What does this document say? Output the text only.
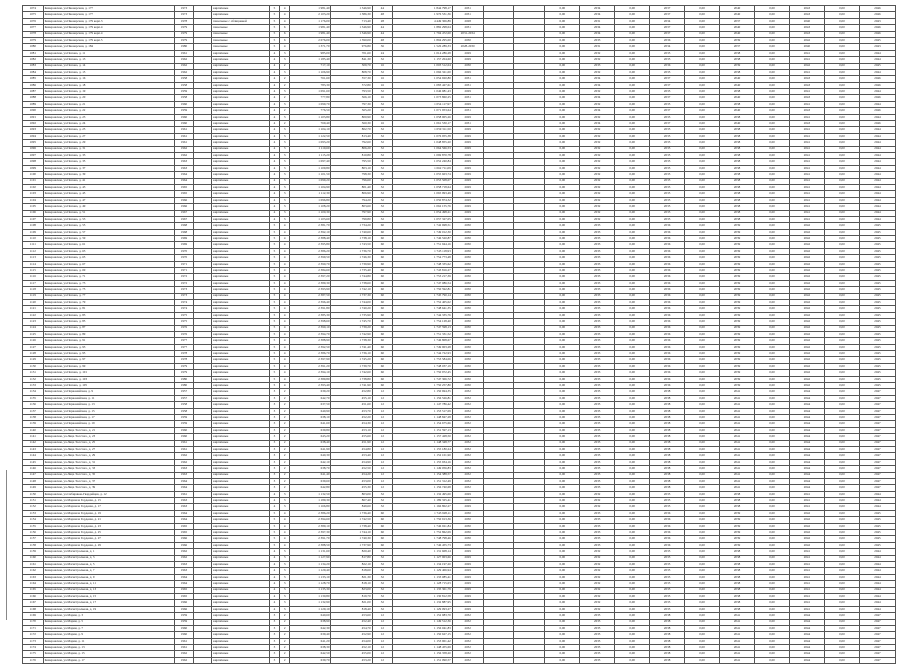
1074	Кемеровская, ул.Пионерская, д. 177	1973		кирпичные	5	4	1 981,40	1 346,90	44	1 844 798,17	2031			0,00	2034	0,00	2037	0,00	2040	0,00	2043	0,00	2046
1075	Кемеровская, ул.Пионерская, д. 177	1973		кирпичные	5	4	2 103,20	1 386,30	48	1 976 531,36	2031			0,00	2034	0,00	2037	0,00	2040	0,00	2043	0,00	2046
1076	Кемеровская, ул.Пионерская, д. 179 корп.3	1978		панельные с облицовкой	5	4	1 176,00	713,40	28	4 449 306,89	2028			0,00	2031	0,00	2034	0,00	2037	0,00	2040	0,00	2043
1077	Кемеровская, ул.Пионерская, д. 179 корп.4	1979		панельные	5	6	1 981,40	1 346,90	44	1 882 298,04	2031			0,00	2034	0,00	2037	0,00	2040	0,00	2043	0,00	2046
1078	Кемеровская, ул.Пионерская, д. 179 корп.4	1979		панельные	5	6	1 981,40	1 346,90	44	1 794 472,00	2031-2034			0,00	2034	0,00	2037	0,00	2040	0,00	2043	0,00	2046
1079	Кемеровская, ул.Пионерская, д. 179 корп.5	1979		панельные	5	6	2 076,00	1 390,00	48	1 894 295,00	2030			0,00	2033	0,00	2036	0,00	2039	0,00	2042	0,00	2045
1080	Кемеровская, ул.Пионерская, д. 184	1980		панельные	5	4	1 371,70	976,80	36	1 526 289,33	2028-2030			0,00	2031	0,00	2034	0,00	2037	0,00	2040	0,00	2043
1081	Кемеровская, ул.Попова, д. 11	1961		кирпичные	4	3	985,00	701,60	24	1 014 286,28	2029			0,00	2032	0,00	2035	0,00	2038	0,00	2041	0,00	2044
1082	Кемеровская, ул.Попова, д. 13	1962		кирпичные	4	3	1 185,40	841,30	32	1 157 204,60	2029			0,00	2032	0,00	2035	0,00	2038	0,00	2041	0,00	2044
1083	Кемеровская, ул.Попова, д. 14	1962		кирпичные	4	2	717,10	509,70	16	1 003 512,04	2030			0,00	2033	0,00	2036	0,00	2039	0,00	2042	0,00	2045
1084	Кемеровская, ул.Попова, д. 15	1962		кирпичные	4	3	1 106,90	808,70	32	1 066 321,00	2029			0,00	2032	0,00	2035	0,00	2038	0,00	2041	0,00	2044
1085	Кемеровская, ул.Попова, д. 16	1958		кирпичные	4	2	761,60	557,30	16	1 054 920,80	2031			0,00	2034	0,00	2037	0,00	2040	0,00	2043	0,00	2046
1086	Кемеровская, ул.Попова, д. 18	1958		кирпичные	4	2	783,30	572,80	16	1 083 427,61	2031			0,00	2034	0,00	2037	0,00	2040	0,00	2043	0,00	2046
1087	Кемеровская, ул.Попова, д. 19	1959		кирпичные	4	3	1 091,60	793,50	32	1 046 981,43	2029			0,00	2032	0,00	2035	0,00	2038	0,00	2041	0,00	2044
1088	Кемеровская, ул.Попова, д. 20	1958		кирпичные	4	2	777,80	566,10	16	1 073 860,25	2031			0,00	2034	0,00	2037	0,00	2040	0,00	2043	0,00	2046
1089	Кемеровская, ул.Попова, д. 21	1960		кирпичные	4	3	1 099,70	797,30	32	1 054 117,97	2029			0,00	2032	0,00	2035	0,00	2038	0,00	2041	0,00	2044
1090	Кемеровская, ул.Попова, д. 22	1959		кирпичные	4	2	776,50	565,20	16	1 071 953,64	2031			0,00	2034	0,00	2037	0,00	2040	0,00	2043	0,00	2046
1091	Кемеровская, ул.Попова, д. 23	1960		кирпичные	4	3	1 103,80	800,90	32	1 058 905,26	2029			0,00	2032	0,00	2035	0,00	2038	0,00	2041	0,00	2044
1092	Кемеровская, ул.Попова, д. 24	1960		кирпичные	4	2	769,40	560,30	16	1 061 530,17	2031			0,00	2034	0,00	2037	0,00	2040	0,00	2043	0,00	2046
1093	Кемеровская, ул.Попова, д. 25	1961		кирпичные	4	3	1 104,10	802,70	32	1 059 311,50	2029			0,00	2032	0,00	2035	0,00	2038	0,00	2041	0,00	2044
1094	Кемеровская, ул.Попова, д. 27	1961		кирпичные	4	3	1 122,50	813,40	32	1 076 955,38	2029			0,00	2032	0,00	2035	0,00	2038	0,00	2041	0,00	2044
1095	Кемеровская, ул.Попова, д. 29	1961		кирпичные	4	3	1 093,20	792,60	32	1 048 855,20	2029			0,00	2032	0,00	2035	0,00	2038	0,00	2041	0,00	2044
1096	Кемеровская, ул.Попова, д. 31	1962		кирпичные	4	3	1 110,60	806,20	32	1 064 566,53	2029			0,00	2032	0,00	2035	0,00	2038	0,00	2041	0,00	2044
1097	Кемеровская, ул.Попова, д. 33	1962		кирпичные	4	3	1 115,20	810,80	32	1 069 870,78	2029			0,00	2032	0,00	2035	0,00	2038	0,00	2041	0,00	2044
1098	Кемеровская, ул.Попова, д. 35	1963		кирпичные	4	3	1 097,40	795,50	32	1 052 240,84	2029			0,00	2032	0,00	2035	0,00	2038	0,00	2041	0,00	2044
1099	Кемеровская, ул.Попова, д. 37	1963		кирпичные	4	3	1 109,80	803,10	32	1 062 711,09	2029			0,00	2032	0,00	2035	0,00	2038	0,00	2041	0,00	2044
1100	Кемеровская, ул.Попова, д. 39	1964		кирпичные	4	3	1 101,50	798,30	32	1 055 603,74	2029			0,00	2032	0,00	2035	0,00	2038	0,00	2041	0,00	2044
1101	Кемеровская, ул.Попова, д. 41	1964		кирпичные	4	3	1 099,20	796,60	32	1 053 508,07	2029			0,00	2032	0,00	2035	0,00	2038	0,00	2041	0,00	2044
1102	Кемеровская, ул.Попова, д. 43	1965		кирпичные	4	3	1 104,90	801,40	32	1 058 718,64	2029			0,00	2032	0,00	2035	0,00	2038	0,00	2041	0,00	2044
1103	Кемеровская, ул.Попова, д. 45	1965		кирпичные	4	3	1 112,30	806,90	32	1 065 993,49	2029			0,00	2032	0,00	2035	0,00	2038	0,00	2041	0,00	2044
1104	Кемеровская, ул.Попова, д. 47	1966		кирпичные	4	3	1 096,80	794,20	32	1 050 874,32	2029			0,00	2032	0,00	2035	0,00	2038	0,00	2041	0,00	2044
1105	Кемеровская, ул.Попова, д. 49	1966		кирпичные	4	3	1 108,20	803,60	32	1 062 155,76	2029			0,00	2032	0,00	2035	0,00	2038	0,00	2041	0,00	2044
1106	Кемеровская, ул.Попова, д. 51	1967		кирпичные	4	3	1 100,30	797,90	32	1 054 498,21	2029			0,00	2032	0,00	2035	0,00	2038	0,00	2041	0,00	2044
1107	Кемеровская, ул.Попова, д. 53	1967		кирпичные	4	3	1 103,60	799,80	32	1 057 327,05	2029			0,00	2032	0,00	2035	0,00	2038	0,00	2041	0,00	2044
1108	Кемеровская, ул.Попова, д. 55	1968		кирпичные	5	4	2 381,70	1 734,20	60	1 742 698,51	2030			0,00	2033	0,00	2036	0,00	2039	0,00	2042	0,00	2045
1109	Кемеровская, ул.Попова, д. 57	1968		кирпичные	5	4	2 392,10	1 740,60	60	1 749 012,30	2030			0,00	2033	0,00	2036	0,00	2039	0,00	2042	0,00	2045
1110	Кемеровская, ул.Попова, д. 59	1969		кирпичные	5	4	2 388,40	1 738,10	60	1 746 520,87	2030			0,00	2033	0,00	2036	0,00	2039	0,00	2042	0,00	2045
1111	Кемеровская, ул.Попова, д. 61	1969		кирпичные	5	4	2 395,80	1 743,50	60	1 751 944,16	2030			0,00	2033	0,00	2036	0,00	2039	0,00	2042	0,00	2045
1112	Кемеровская, ул.Попова, д. 63	1970		кирпичные	5	4	2 386,20	1 736,70	60	1 745 118,93	2030			0,00	2033	0,00	2036	0,00	2039	0,00	2042	0,00	2045
1113	Кемеровская, ул.Попова, д. 65	1970		кирпичные	5	4	2 399,50	1 746,30	60	1 754 773,48	2030			0,00	2033	0,00	2036	0,00	2039	0,00	2042	0,00	2045
1114	Кемеровская, ул.Попова, д. 67	1971		кирпичные	5	4	2 390,70	1 739,90	60	1 748 335,62	2030			0,00	2033	0,00	2036	0,00	2039	0,00	2042	0,00	2045
1115	Кемеровская, ул.Попова, д. 69	1971		кирпичные	5	4	2 384,60	1 735,40	60	1 743 816,27	2030			0,00	2033	0,00	2036	0,00	2039	0,00	2042	0,00	2045
1116	Кемеровская, ул.Попова, д. 71	1972		кирпичные	5	4	2 397,20	1 744,80	60	1 753 217,39	2030			0,00	2033	0,00	2036	0,00	2039	0,00	2042	0,00	2045
1117	Кемеровская, ул.Попова, д. 73	1972		кирпичные	5	4	2 389,30	1 738,60	60	1 747 086,54	2030			0,00	2033	0,00	2036	0,00	2039	0,00	2042	0,00	2045
1118	Кемеровская, ул.Попова, д. 75	1973		кирпичные	5	4	2 393,90	1 742,10	60	1 750 592,81	2030			0,00	2033	0,00	2036	0,00	2039	0,00	2042	0,00	2045
1119	Кемеровская, ул.Попова, д. 77	1973		кирпичные	5	4	2 387,50	1 737,30	60	1 745 790,14	2030			0,00	2033	0,00	2036	0,00	2039	0,00	2042	0,00	2045
1120	Кемеровская, ул.Попова, д. 79	1974		кирпичные	5	4	2 396,40	1 744,00	60	1 752 405,02	2030			0,00	2033	0,00	2036	0,00	2039	0,00	2042	0,00	2045
1121	Кемеровская, ул.Попова, д. 81	1974		кирпичные	5	4	2 391,80	1 740,20	60	1 748 641,35	2030			0,00	2033	0,00	2036	0,00	2039	0,00	2042	0,00	2045
1122	Кемеровская, ул.Попова, д. 83	1975		кирпичные	5	4	2 385,30	1 735,90	60	1 744 335,76	2030			0,00	2033	0,00	2036	0,00	2039	0,00	2042	0,00	2045
1123	Кемеровская, ул.Попова, д. 85	1975		кирпичные	5	4	2 398,60	1 745,70	60	1 754 128,40	2030			0,00	2033	0,00	2036	0,00	2039	0,00	2042	0,00	2045
1124	Кемеровская, ул.Попова, д. 87	1976		кирпичные	5	4	2 390,10	1 739,20	60	1 747 598,13	2030			0,00	2033	0,00	2036	0,00	2039	0,00	2042	0,00	2045
1125	Кемеровская, ул.Попова, д. 89	1976		кирпичные	5	4	2 394,70	1 742,90	60	1 751 331,52	2030			0,00	2033	0,00	2036	0,00	2039	0,00	2042	0,00	2045
1126	Кемеровская, ул.Попова, д. 91	1977		кирпичные	5	4	2 388,90	1 738,30	60	1 746 808,67	2030			0,00	2033	0,00	2036	0,00	2039	0,00	2042	0,00	2045
1127	Кемеровская, ул.Попова, д. 93	1977		кирпичные	5	4	2 392,50	1 741,40	60	1 749 903,28	2030			0,00	2033	0,00	2036	0,00	2039	0,00	2042	0,00	2045
1128	Кемеровская, ул.Попова, д. 95	1978		кирпичные	5	4	2 386,70	1 736,10	60	1 744 722,93	2030			0,00	2033	0,00	2036	0,00	2039	0,00	2042	0,00	2045
1129	Кемеровская, ул.Попова, д. 97	1978		кирпичные	5	4	2 397,90	1 745,20	60	1 753 584,06	2030			0,00	2033	0,00	2036	0,00	2039	0,00	2042	0,00	2045
1130	Кемеровская, ул.Попова, д. 99	1979		кирпичные	5	4	2 391,20	1 739,70	60	1 748 037,19	2030			0,00	2033	0,00	2036	0,00	2039	0,00	2042	0,00	2045
1131	Кемеровская, ул.Попова, д. 101	1979		кирпичные	5	4	2 394,10	1 742,60	60	1 750 972,45	2030			0,00	2033	0,00	2036	0,00	2039	0,00	2042	0,00	2045
1132	Кемеровская, ул.Попова, д. 103	1980		кирпичные	5	4	2 389,80	1 738,80	60	1 747 306,72	2030			0,00	2033	0,00	2036	0,00	2039	0,00	2042	0,00	2045
1133	Кемеровская, ул.Попова, д. 105	1980		кирпичные	5	4	2 393,40	1 741,90	60	1 750 257,80	2030			0,00	2033	0,00	2036	0,00	2039	0,00	2042	0,00	2045
1134	Кемеровская, ул.Первомайская, д. 9	1957		кирпичные	3	2	639,20	452,80	12	1 150 694,35	2032			0,00	2035	0,00	2038	0,00	2041	0,00	2044	0,00	2047
1135	Кемеровская, ул.Первомайская, д. 11	1957		кирпичные	3	2	642,70	455,10	12	1 156 526,81	2032			0,00	2035	0,00	2038	0,00	2041	0,00	2044	0,00	2047
1136	Кемеровская, ул.Первомайская, д. 13	1958		кирпичные	3	2	637,50	451,60	12	1 147 786,42	2032			0,00	2035	0,00	2038	0,00	2041	0,00	2044	0,00	2047
1137	Кемеровская, ул.Первомайская, д. 15	1958		кирпичные	3	2	640,90	453,70	12	1 153 517,09	2032			0,00	2035	0,00	2038	0,00	2041	0,00	2044	0,00	2047
1138	Кемеровская, ул.Первомайская, д. 17	1959		кирпичные	3	2	638,10	452,20	12	1 148 847,28	2032			0,00	2035	0,00	2038	0,00	2041	0,00	2044	0,00	2047
1139	Кемеровская, ул.Первомайская, д. 19	1959		кирпичные	3	2	641,60	454,30	12	1 154 675,66	2032			0,00	2035	0,00	2038	0,00	2041	0,00	2044	0,00	2047
1140	Кемеровская, ул.Лица Толстого, д. 21	1960		кирпичные	3	2	639,80	453,10	12	1 151 597,13	2032			0,00	2035	0,00	2038	0,00	2041	0,00	2044	0,00	2047
1141	Кемеровская, ул.Лица Толстого, д. 23	1960		кирпичные	3	2	643,20	455,60	12	1 157 428,50	2032			0,00	2035	0,00	2038	0,00	2041	0,00	2044	0,00	2047
1142	Кемеровская, ул.Лица Толстого, д. 25	1961		кирпичные	3	2	638,40	451,90	12	1 148 348,77	2032			0,00	2035	0,00	2038	0,00	2041	0,00	2044	0,00	2047
1143	Кемеровская, ул.Лица Толстого, д. 27	1961		кирпичные	3	2	641,90	454,80	12	1 155 180,24	2032			0,00	2035	0,00	2038	0,00	2041	0,00	2044	0,00	2047
1144	Кемеровская, ул.Лица Толстого, д. 29	1962		кирпичные	3	2	640,30	453,40	12	1 152 101,90	2032			0,00	2035	0,00	2038	0,00	2041	0,00	2044	0,00	2047
1145	Кемеровская, ул.Лица Толстого, д. 31	1962		кирпичные	3	2	642,10	454,90	12	1 155 934,16	2032			0,00	2035	0,00	2038	0,00	2041	0,00	2044	0,00	2047
1146	Кемеровская, ул.Лица Толстого, д. 33	1963		кирпичные	3	2	638,70	452,50	12	1 149 056,83	2032			0,00	2035	0,00	2038	0,00	2041	0,00	2044	0,00	2047
1147	Кемеровская, ул.Лица Толстого, д. 35	1963		кирпичные	3	2	641,40	454,20	12	1 154 388,57	2032			0,00	2035	0,00	2038	0,00	2041	0,00	2044	0,00	2047
1148	Кемеровская, ул.Лица Толстого, д. 37	1964		кирпичные	3	2	639,60	453,00	12	1 151 312,49	2032			0,00	2035	0,00	2038	0,00	2041	0,00	2044	0,00	2047
1149	Кемеровская, ул.Лица Толстого, д. 39	1964		кирпичные	3	2	642,80	455,30	12	1 156 740,68	2032			0,00	2035	0,00	2038	0,00	2041	0,00	2044	0,00	2047
1150	Кемеровская, ул.Сибиряков-Гвардейцев, д. 12	1961		кирпичные	4	3	1 132,50	803,00	32	1 132 495,00	2029			0,00	2032	0,00	2035	0,00	2038	0,00	2041	0,00	2044
1151	Кемеровская, ул.Маршала Гордеева, д. 15	1963		кирпичные	4	3	1 189,30	867,40	32	1 189 325,41	2029			0,00	2032	0,00	2035	0,00	2038	0,00	2041	0,00	2044
1152	Кемеровская, ул.Маршала Гордеева, д. 17	1963		кирпичные	4	3	1 166,80	849,60	32	1 166 802,27	2029			0,00	2032	0,00	2035	0,00	2038	0,00	2041	0,00	2044
1153	Кемеровская, ул.Маршала Гордеева, д. 19	1964		кирпичные	5	4	2 386,20	1 736,40	60	1 743 928,11	2030			0,00	2033	0,00	2036	0,00	2039	0,00	2042	0,00	2045
1154	Кемеровская, ул.Маршала Гордеева, д. 21	1964		кирпичные	5	4	2 394,60	1 742,50	60	1 750 913,36	2030			0,00	2033	0,00	2036	0,00	2039	0,00	2042	0,00	2045
1155	Кемеровская, ул.Маршала Гордеева, д. 23	1965		кирпичные	5	4	2 389,10	1 738,40	60	1 746 921,84	2030			0,00	2033	0,00	2036	0,00	2039	0,00	2042	0,00	2045
1156	Кемеровская, ул.Маршала Гордеева, д. 25	1965		кирпичные	5	4	2 397,30	1 744,10	60	1 752 862,09	2030			0,00	2033	0,00	2036	0,00	2039	0,00	2042	0,00	2045
1157	Кемеровская, ул.Маршала Гордеева, д. 27	1966		кирпичные	5	4	2 391,70	1 740,30	60	1 748 798,46	2030			0,00	2033	0,00	2036	0,00	2039	0,00	2042	0,00	2045
1158	Кемеровская, ул.Маршала Гордеева, д. 29	1966		кирпичные	5	4	2 388,50	1 737,90	60	1 746 455,73	2030			0,00	2033	0,00	2036	0,00	2039	0,00	2042	0,00	2045
1159	Кемеровская, ул.Магистральная, д. 1	1962		кирпичные	4	3	1 131,60	820,40	32	1 131 608,14	2029			0,00	2032	0,00	2035	0,00	2038	0,00	2041	0,00	2044
1160	Кемеровская, ул.Магистральная, д. 3	1962		кирпичные	4	3	1 127,90	817,80	32	1 127 903,66	2029			0,00	2032	0,00	2035	0,00	2038	0,00	2041	0,00	2044
1161	Кемеровская, ул.Магистральная, д. 5	1963		кирпичные	4	3	1 134,20	822,10	32	1 134 197,20	2029			0,00	2032	0,00	2035	0,00	2038	0,00	2041	0,00	2044
1162	Кемеровская, ул.Магистральная, д. 7	1963		кирпичные	4	3	1 129,40	818,60	32	1 129 406,94	2029			0,00	2032	0,00	2035	0,00	2038	0,00	2041	0,00	2044
1163	Кемеровская, ул.Магистральная, д. 9	1964		кирпичные	4	3	1 133,10	821,30	32	1 133 085,41	2029			0,00	2032	0,00	2035	0,00	2038	0,00	2041	0,00	2044
1164	Кемеровская, ул.Магистральная, д. 11	1964		кирпичные	4	3	1 128,70	818,10	32	1 128 715,03	2029			0,00	2032	0,00	2035	0,00	2038	0,00	2041	0,00	2044
1165	Кемеровская, ул.Магистральная, д. 13	1965		кирпичные	4	3	1 135,30	823,00	32	1 135 301,79	2029			0,00	2032	0,00	2035	0,00	2038	0,00	2041	0,00	2044
1166	Кемеровская, ул.Магистральная, д. 15	1965		кирпичные	4	3	1 130,80	819,70	32	1 130 812,58	2029			0,00	2032	0,00	2035	0,00	2038	0,00	2041	0,00	2044
1167	Кемеровская, ул.Магистральная, д. 17	1966		кирпичные	4	3	1 132,90	821,00	32	1 132 887,95	2029			0,00	2032	0,00	2035	0,00	2038	0,00	2041	0,00	2044
1168	Кемеровская, ул.Магистральная, д. 19	1966		кирпичные	4	3	1 129,10	818,40	32	1 129 093,27	2029			0,00	2032	0,00	2035	0,00	2038	0,00	2041	0,00	2044
1169	Кемеровская, ул.Марии, д. 3	1959		кирпичные	3	2	640,60	453,60	12	1 152 983,70	2032			0,00	2035	0,00	2038	0,00	2041	0,00	2044	0,00	2047
1170	Кемеровская, ул.Марии, д. 5	1959		кирпичные	3	2	638,90	452,40	12	1 149 512,36	2032			0,00	2035	0,00	2038	0,00	2041	0,00	2044	0,00	2047
1171	Кемеровская, ул.Марии, д. 7	1960		кирпичные	3	2	642,30	454,70	12	1 156 041,83	2032			0,00	2035	0,00	2038	0,00	2041	0,00	2044	0,00	2047
1172	Кемеровская, ул.Марии, д. 9	1960		кирпичные	3	2	639,40	452,90	12	1 150 627,15	2032			0,00	2035	0,00	2038	0,00	2041	0,00	2044	0,00	2047
1173	Кемеровская, ул.Марии, д. 11	1961		кирпичные	3	2	641,20	454,00	12	1 153 901,42	2032			0,00	2035	0,00	2038	0,00	2041	0,00	2044	0,00	2047
1174	Кемеровская, ул.Марии, д. 13	1961		кирпичные	3	2	638,30	452,10	12	1 148 455,69	2032			0,00	2035	0,00	2038	0,00	2041	0,00	2044	0,00	2047
1175	Кемеровская, ул.Марии, д. 15	1962		кирпичные	3	2	642,50	455,00	12	1 156 358,20	2032			0,00	2035	0,00	2038	0,00	2041	0,00	2044	0,00	2047
1176	Кемеровская, ул.Марии, д. 17	1962		кирпичные	3	2	639,70	453,20	12	1 151 090,57	2032			0,00	2035	0,00	2038	0,00	2041	0,00	2044	0,00	2047
